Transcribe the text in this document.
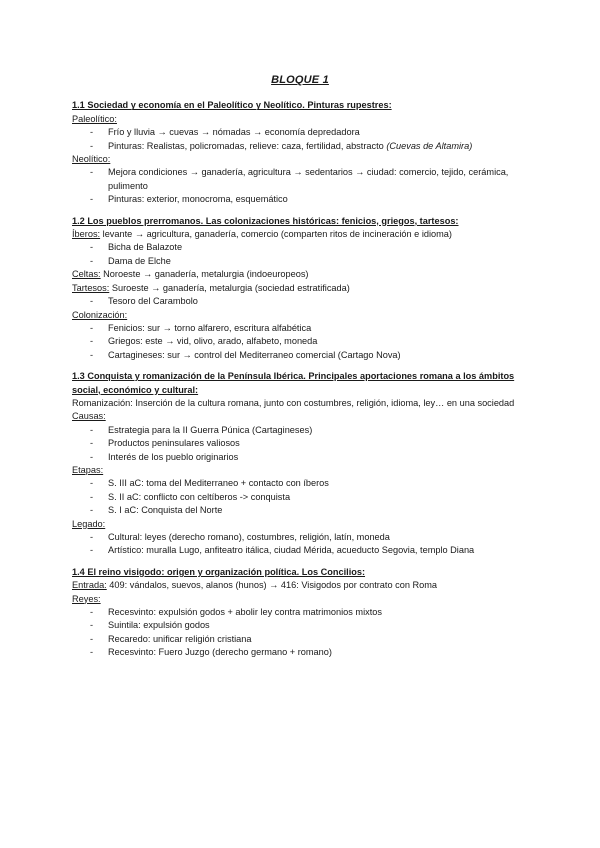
BLOQUE 1
1.1 Sociedad y economía en el Paleolítico y Neolítico. Pinturas rupestres:
Paleolítico:
- Frío y lluvia → cuevas → nómadas → economía depredadora
- Pinturas: Realistas, policromadas, relieve: caza, fertilidad, abstracto (Cuevas de Altamira)
Neolítico:
- Mejora condiciones → ganadería, agricultura → sedentarios → ciudad: comercio, tejido, cerámica, pulimento
- Pinturas: exterior, monocroma, esquemático
1.2 Los pueblos prerromanos. Las colonizaciones históricas: fenicios, griegos, tartesos:
Íberos: levante → agricultura, ganadería, comercio (comparten ritos de incineración e idioma)
- Bicha de Balazote
- Dama de Elche
Celtas: Noroeste → ganadería, metalurgia (indoeuropeos)
Tartesos: Suroeste → ganadería, metalurgia (sociedad estratificada)
- Tesoro del Carambolo
Colonización:
- Fenicios: sur → torno alfarero, escritura alfabética
- Griegos: este → vid, olivo, arado, alfabeto, moneda
- Cartagineses: sur → control del Mediterraneo comercial (Cartago Nova)
1.3 Conquista y romanización de la Península Ibérica. Principales aportaciones romana a los ámbitos social, económico y cultural:
Romanización: Inserción de la cultura romana, junto con costumbres, religión, idioma, ley… en una sociedad
Causas:
- Estrategia para la II Guerra Púnica (Cartagineses)
- Productos peninsulares valiosos
- Interés de los pueblo originarios
Etapas:
- S. III aC: toma del Mediterraneo + contacto con íberos
- S. II aC: conflicto con celtíberos -> conquista
- S. I aC: Conquista del Norte
Legado:
- Cultural: leyes (derecho romano), costumbres, religión, latín, moneda
- Artístico: muralla Lugo, anfiteatro itálica, ciudad Mérida, acueducto Segovia, templo Diana
1.4 El reino visigodo: origen y organización política. Los Concilios:
Entrada: 409: vándalos, suevos, alanos (hunos) → 416: Visigodos por contrato con Roma
Reyes:
- Recesvinto: expulsión godos + abolir ley contra matrimonios mixtos
- Suintila: expulsión godos
- Recaredo: unificar religión cristiana
- Recesvinto: Fuero Juzgo (derecho germano + romano)
